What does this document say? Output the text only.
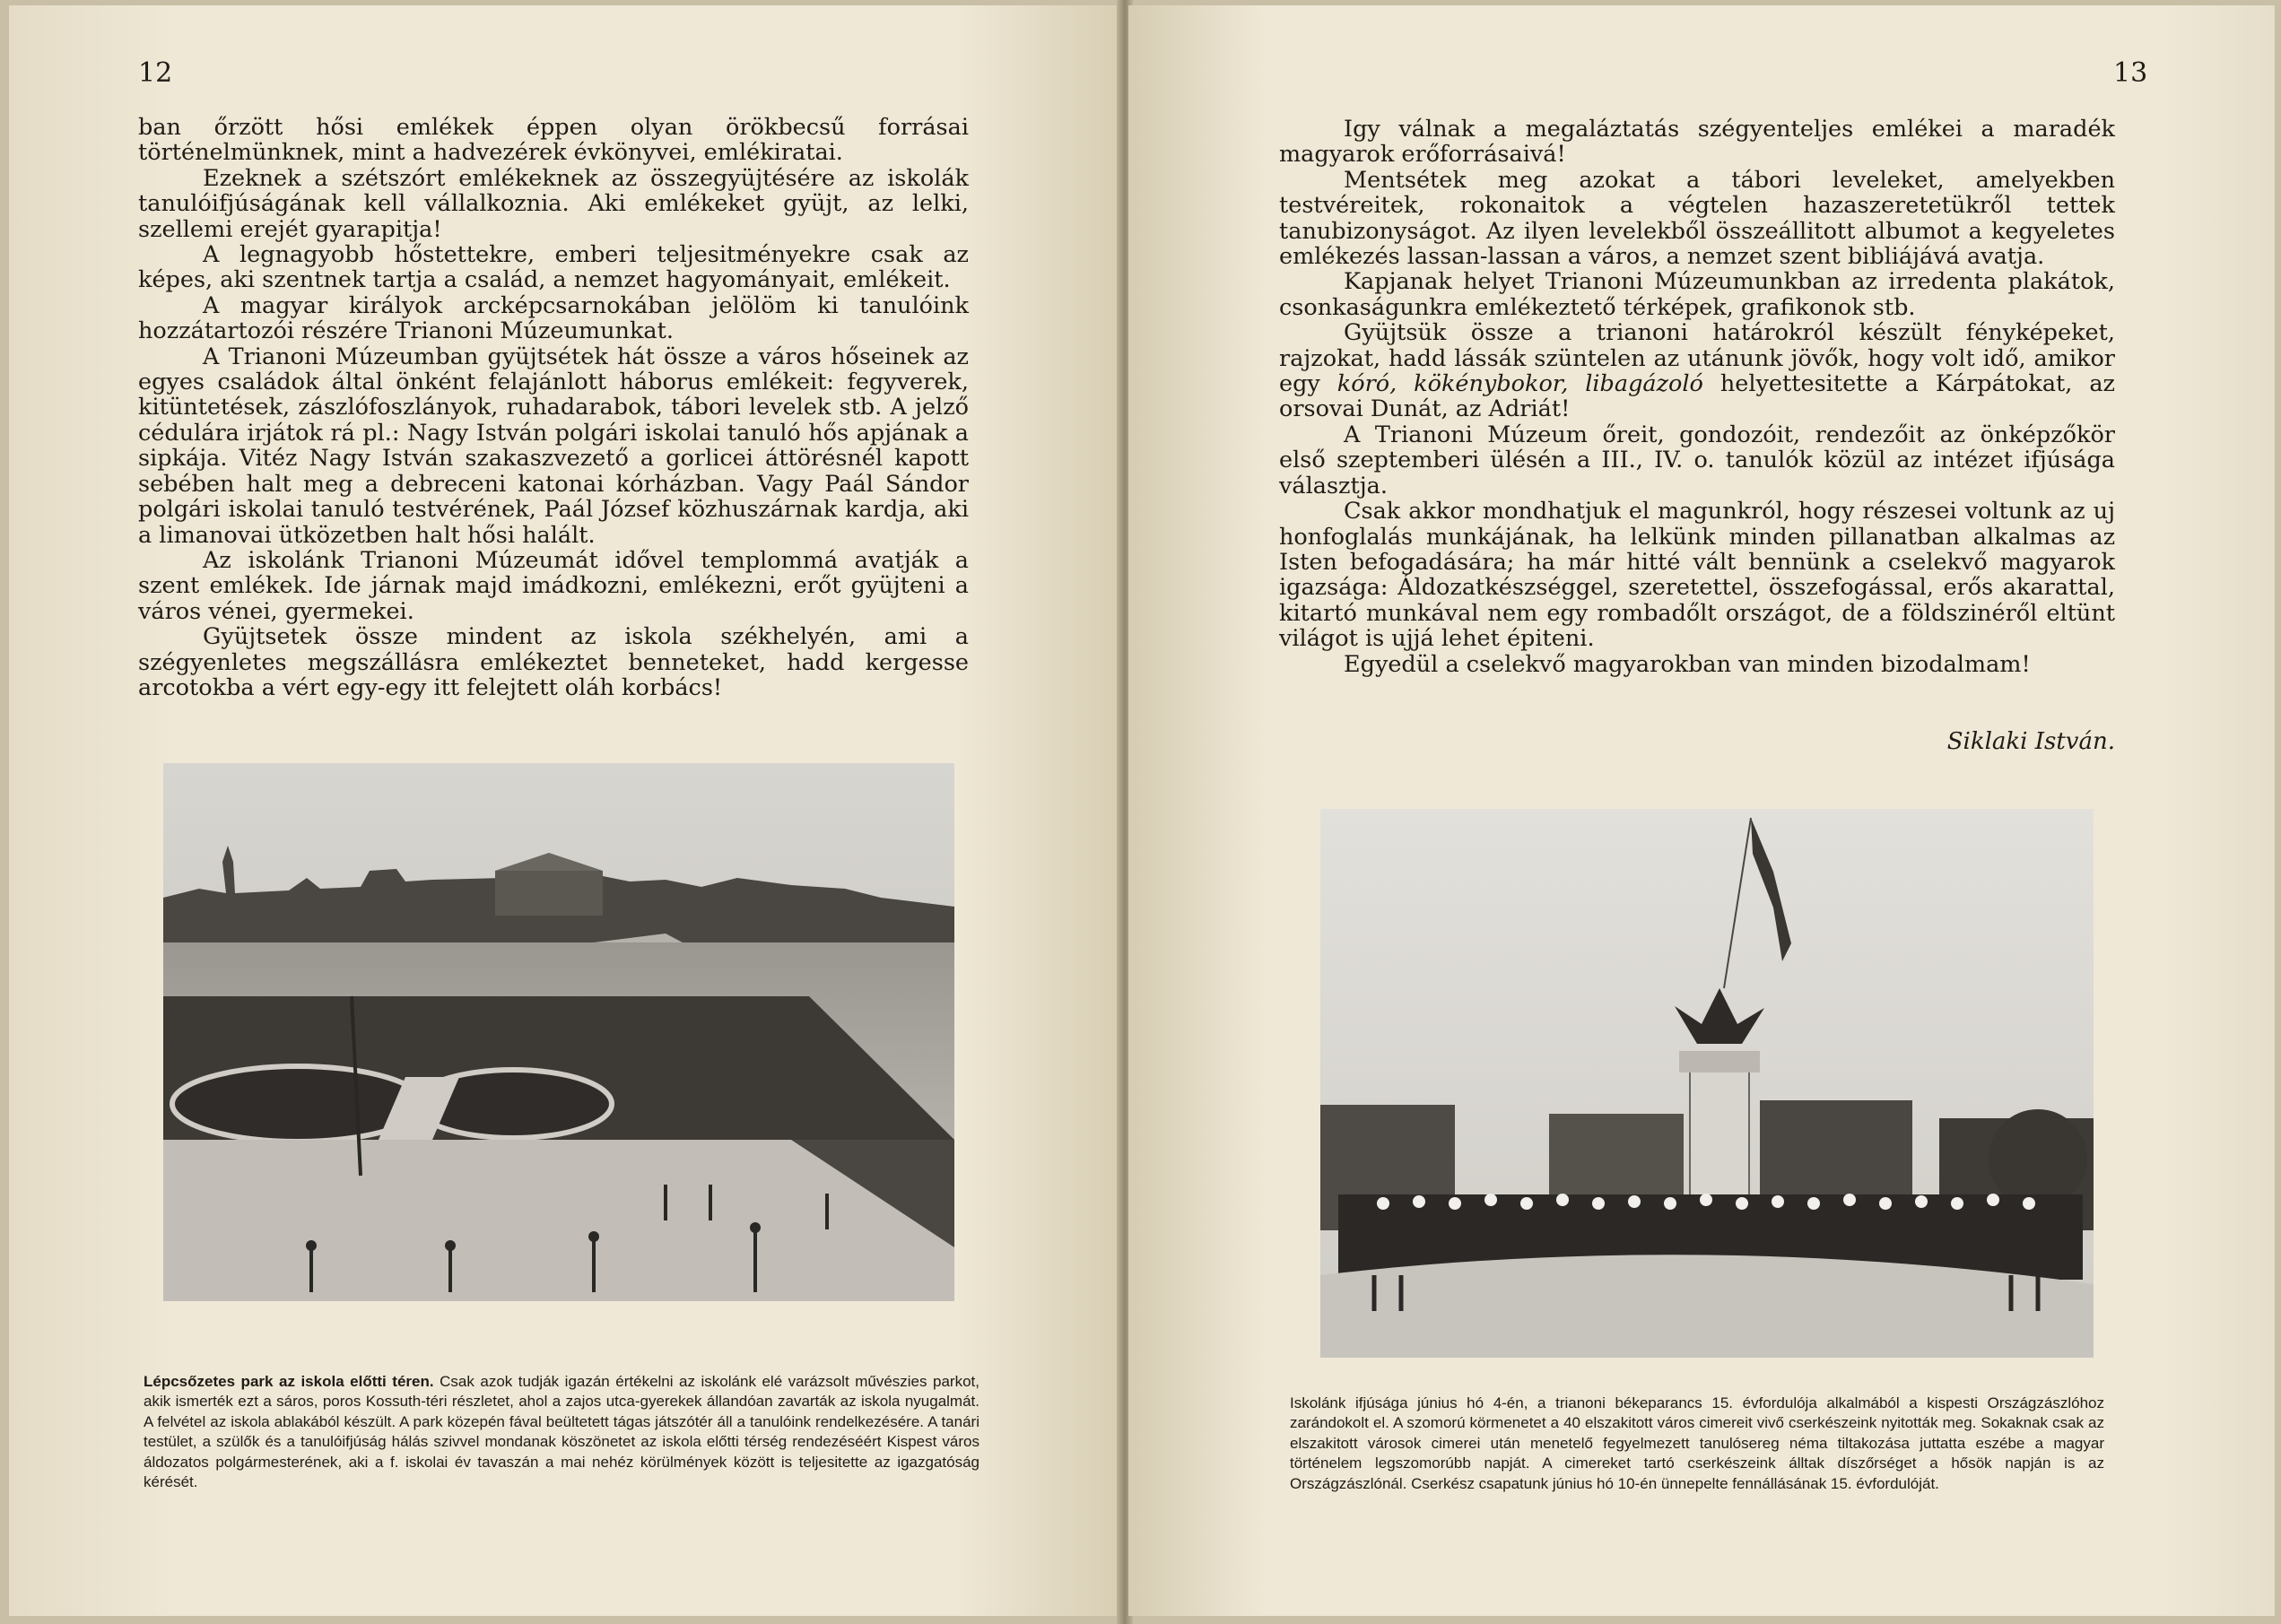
12

ban őrzött hősi emlékek éppen olyan örökbecsű forrásai történelmünknek, mint a hadvezérek évkönyvei, emlékiratai.

Ezeknek a szétszórt emlékeknek az összegyüjtésére az iskolák tanulóifjúságának kell vállalkoznia. Aki emlékeket gyüjt, az lelki, szellemi erejét gyarapitja!

A legnagyobb hőstettekre, emberi teljesitményekre csak az képes, aki szentnek tartja a család, a nemzet hagyományait, emlékeit.

A magyar királyok arcképcsarnokában jelölöm ki tanulóink hozzátartozói részére Trianoni Múzeumunkat.

A Trianoni Múzeumban gyüjtsétek hát össze a város hőseinek az egyes családok által önként felajánlott háborus emlékeit: fegyverek, kitüntetések, zászlófoszlányok, ruhadarabok, tábori levelek stb. A jelző cédulára irjátok rá pl.: Nagy István polgári iskolai tanuló hős apjának a sipkája. Vitéz Nagy István szakaszvezető a gorlicei áttörésnél kapott sebében halt meg a debreceni katonai kórházban. Vagy Paál Sándor polgári iskolai tanuló testvérének, Paál József közhuszárnak kardja, aki a limanovai ütközetben halt hősi halált.

Az iskolánk Trianoni Múzeumát idővel templommá avatják a szent emlékek. Ide járnak majd imádkozni, emlékezni, erőt gyüjteni a város vénei, gyermekei.

Gyüjtsetek össze mindent az iskola székhelyén, ami a szégyenletes megszállásra emlékeztet benneteket, hadd kergesse arcotokba a vért egy-egy itt felejtett oláh korbács!

Lépcsőzetes park az iskola előtti téren. Csak azok tudják igazán értékelni az iskolánk elé varázsolt művészies parkot, akik ismerték ezt a sáros, poros Kossuth-téri részletet, ahol a zajos utca-gyerekek állandóan zavarták az iskola nyugalmát. A felvétel az iskola ablakából készült. A park közepén fával beültetett tágas játszótér áll a tanulóink rendelkezésére. A tanári testület, a szülők és a tanulóifjúság hálás szivvel mondanak köszönetet az iskola előtti térség rendezéséért Kispest város áldozatos polgármesterének, aki a f. iskolai év tavaszán a mai nehéz körülmények között is teljesitette az igazgatóság kérését.
13

Igy válnak a megaláztatás szégyenteljes emlékei a maradék magyarok erőforrásaivá!

Mentsétek meg azokat a tábori leveleket, amelyekben testvéreitek, rokonaitok a végtelen hazaszeretetükről tettek tanubizonyságot. Az ilyen levelekből összeállitott albumot a kegyeletes emlékezés lassan-lassan a város, a nemzet szent bibliájává avatja.

Kapjanak helyet Trianoni Múzeumunkban az irredenta plakátok, csonkaságunkra emlékeztető térképek, grafikonok stb.

Gyüjtsük össze a trianoni határokról készült fényképeket, rajzokat, hadd lássák szüntelen az utánunk jövők, hogy volt idő, amikor egy kóró, kökénybokor, libagázoló helyettesitette a Kárpátokat, az orsovai Dunát, az Adriát!

A Trianoni Múzeum őreit, gondozóit, rendezőit az önképzőkör első szeptemberi ülésén a III., IV. o. tanulók közül az intézet ifjúsága választja.

Csak akkor mondhatjuk el magunkról, hogy részesei voltunk az uj honfoglalás munkájának, ha lelkünk minden pillanatban alkalmas az Isten befogadására; ha már hitté vált bennünk a cselekvő magyarok igazsága: Áldozatkészséggel, szeretettel, összefogással, erős akarattal, kitartó munkával nem egy rombadőlt országot, de a földszinéről eltünt világot is ujjá lehet épiteni.

Egyedül a cselekvő magyarokban van minden bizodalmam!

Siklaki István.
Iskolánk ifjúsága június hó 4-én, a trianoni békeparancs 15. évfordulója alkalmából a kispesti Országzászlóhoz zarándokolt el. A szomorú körmenetet a 40 elszakitott város cimereit vivő cserkészeink nyitották meg. Sokaknak csak az elszakitott városok cimerei után menetelő fegyelmezett tanulósereg néma tiltakozása juttatta eszébe a magyar történelem legszomorúbb napját. A cimereket tartó cserkészeink álltak díszőrséget a hősök napján is az Országzászlónál. Cserkész csapatunk június hó 10-én ünnepelte fennállásának 15. évfordulóját.
